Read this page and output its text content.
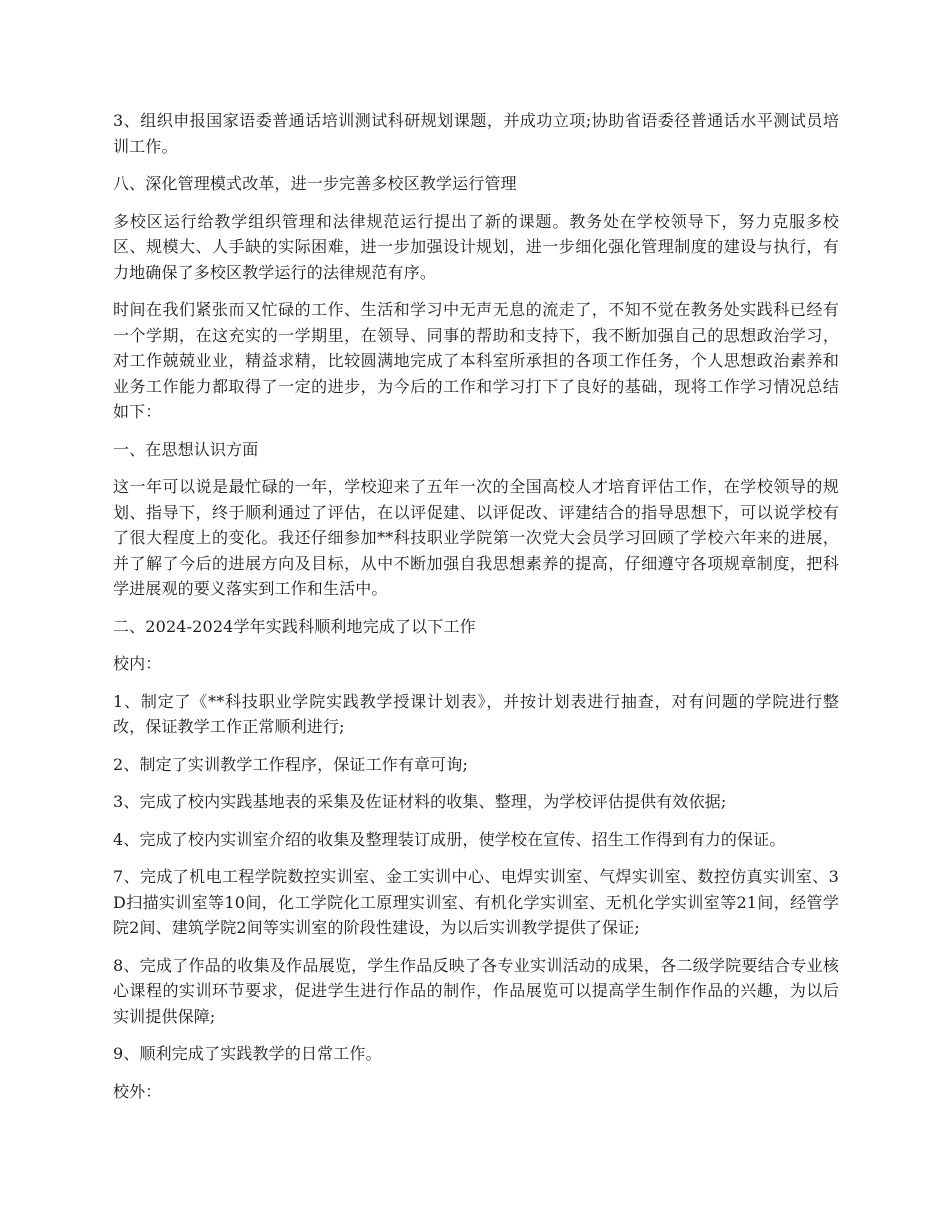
3、组织申报国家语委普通话培训测试科研规划课题，并成功立项;协助省语委径普通话水平测试员培训工作。

八、深化管理模式改革，进一步完善多校区教学运行管理

多校区运行给教学组织管理和法律规范运行提出了新的课题。教务处在学校领导下，努力克服多校区、规模大、人手缺的实际困难，进一步加强设计规划，进一步细化强化管理制度的建设与执行，有力地确保了多校区教学运行的法律规范有序。

时间在我们紧张而又忙碌的工作、生活和学习中无声无息的流走了，不知不觉在教务处实践科已经有一个学期，在这充实的一学期里，在领导、同事的帮助和支持下，我不断加强自己的思想政治学习，对工作兢兢业业，精益求精，比较圆满地完成了本科室所承担的各项工作任务，个人思想政治素养和业务工作能力都取得了一定的进步，为今后的工作和学习打下了良好的基础，现将工作学习情况总结如下：

一、在思想认识方面

这一年可以说是最忙碌的一年，学校迎来了五年一次的全国高校人才培育评估工作，在学校领导的规划、指导下，终于顺利通过了评估，在以评促建、以评促改、评建结合的指导思想下，可以说学校有了很大程度上的变化。我还仔细参加**科技职业学院第一次党大会员学习回顾了学校六年来的进展，并了解了今后的进展方向及目标，从中不断加强自我思想素养的提高，仔细遵守各项规章制度，把科学进展观的要义落实到工作和生活中。

二、2024-2024学年实践科顺利地完成了以下工作

校内：

1、制定了《**科技职业学院实践教学授课计划表》，并按计划表进行抽查，对有问题的学院进行整改，保证教学工作正常顺利进行;

2、制定了实训教学工作程序，保证工作有章可询;

3、完成了校内实践基地表的采集及佐证材料的收集、整理，为学校评估提供有效依据;

4、完成了校内实训室介绍的收集及整理装订成册，使学校在宣传、招生工作得到有力的保证。

7、完成了机电工程学院数控实训室、金工实训中心、电焊实训室、气焊实训室、数控仿真实训室、3D扫描实训室等10间，化工学院化工原理实训室、有机化学实训室、无机化学实训室等21间，经管学院2间、建筑学院2间等实训室的阶段性建设，为以后实训教学提供了保证;

8、完成了作品的收集及作品展览，学生作品反映了各专业实训活动的成果，各二级学院要结合专业核心课程的实训环节要求，促进学生进行作品的制作，作品展览可以提高学生制作作品的兴趣，为以后实训提供保障;

9、顺利完成了实践教学的日常工作。

校外：
